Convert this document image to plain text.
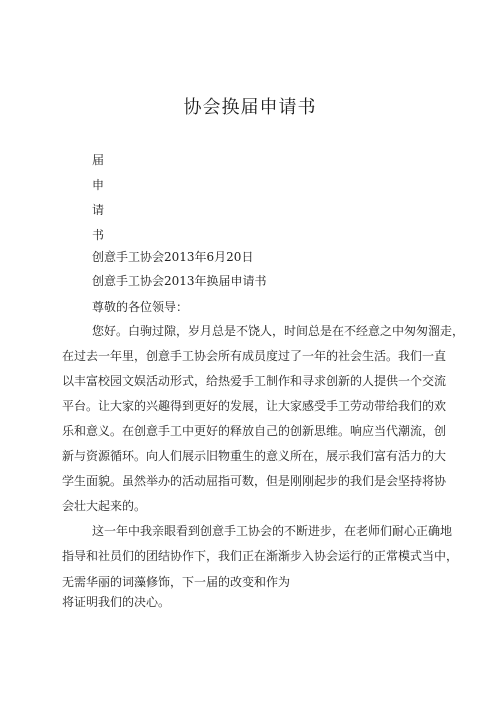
协会换届申请书
届
申
请
书
创意手工协会2013年6月20日
创意手工协会2013年换届申请书
尊敬的各位领导：
您好。白驹过隙，岁月总是不饶人，时间总是在不经意之中匆匆溜走，
在过去一年里，创意手工协会所有成员度过了一年的社会生活。我们一直
以丰富校园文娱活动形式，给热爱手工制作和寻求创新的人提供一个交流
平台。让大家的兴趣得到更好的发展，让大家感受手工劳动带给我们的欢
乐和意义。在创意手工中更好的释放自己的创新思维。响应当代潮流，创
新与资源循环。向人们展示旧物重生的意义所在，展示我们富有活力的大
学生面貌。虽然举办的活动屈指可数，但是刚刚起步的我们是会坚持将协
会壮大起来的。
这一年中我亲眼看到创意手工协会的不断进步，在老师们耐心正确地
指导和社员们的团结协作下，我们正在渐渐步入协会运行的正常模式当中，
无需华丽的词藻修饰，下一届的改变和作为
将证明我们的决心。
